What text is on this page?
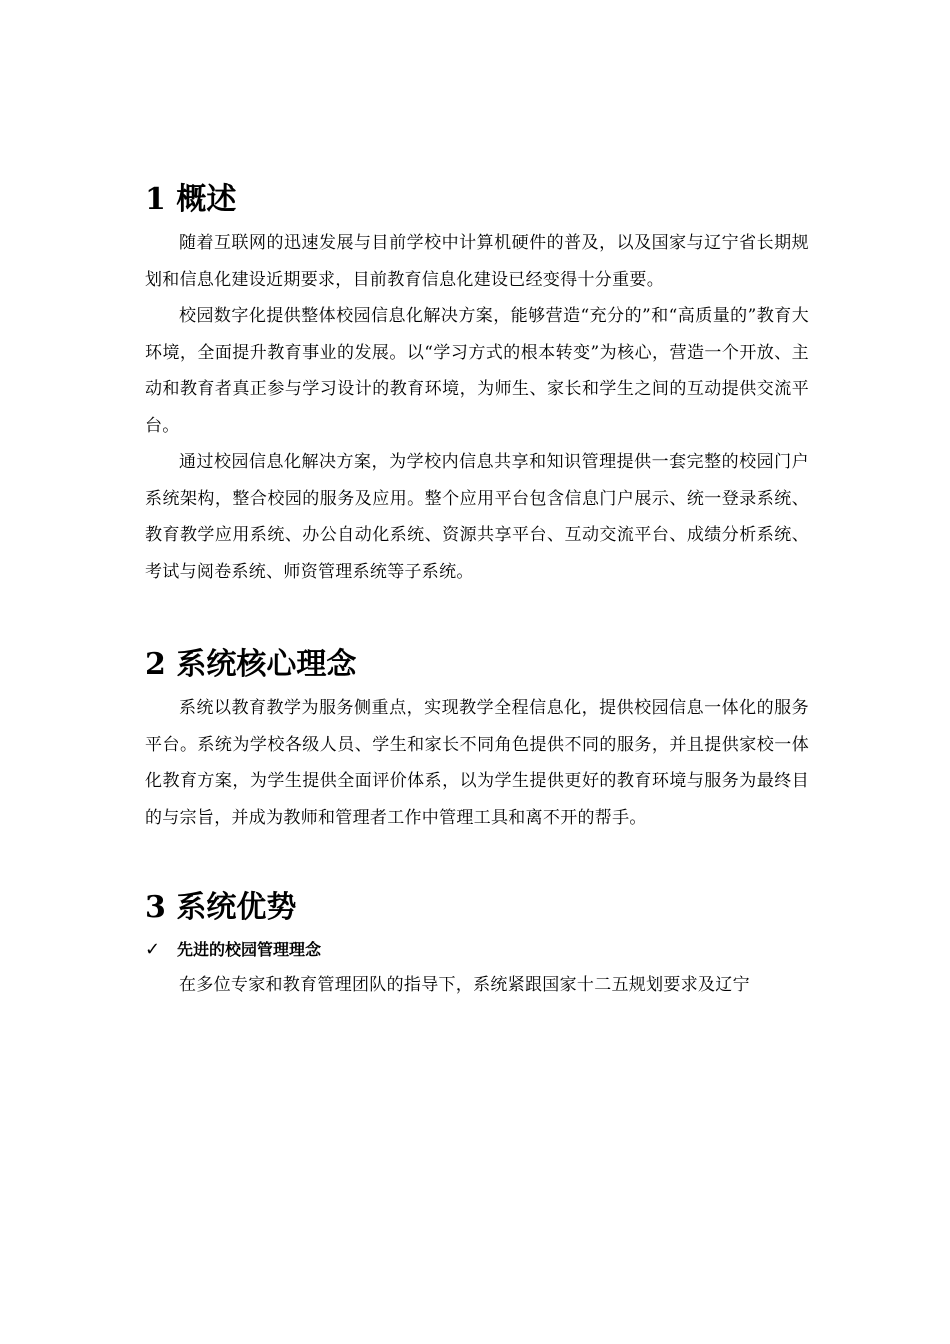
1 概述

随着互联网的迅速发展与目前学校中计算机硬件的普及，以及国家与辽宁省长期规划和信息化建设近期要求，目前教育信息化建设已经变得十分重要。

校园数字化提供整体校园信息化解决方案，能够营造“充分的”和“高质量的”教育大环境，全面提升教育事业的发展。以“学习方式的根本转变”为核心，营造一个开放、主动和教育者真正参与学习设计的教育环境，为师生、家长和学生之间的互动提供交流平台。

通过校园信息化解决方案，为学校内信息共享和知识管理提供一套完整的校园门户系统架构，整合校园的服务及应用。整个应用平台包含信息门户展示、统一登录系统、教育教学应用系统、办公自动化系统、资源共享平台、互动交流平台、成绩分析系统、考试与阅卷系统、师资管理系统等子系统。

2 系统核心理念

系统以教育教学为服务侧重点，实现教学全程信息化，提供校园信息一体化的服务平台。系统为学校各级人员、学生和家长不同角色提供不同的服务，并且提供家校一体化教育方案，为学生提供全面评价体系，以为学生提供更好的教育环境与服务为最终目的与宗旨，并成为教师和管理者工作中管理工具和离不开的帮手。

3 系统优势
✓	先进的校园管理理念

在多位专家和教育管理团队的指导下，系统紧跟国家十二五规划要求及辽宁
